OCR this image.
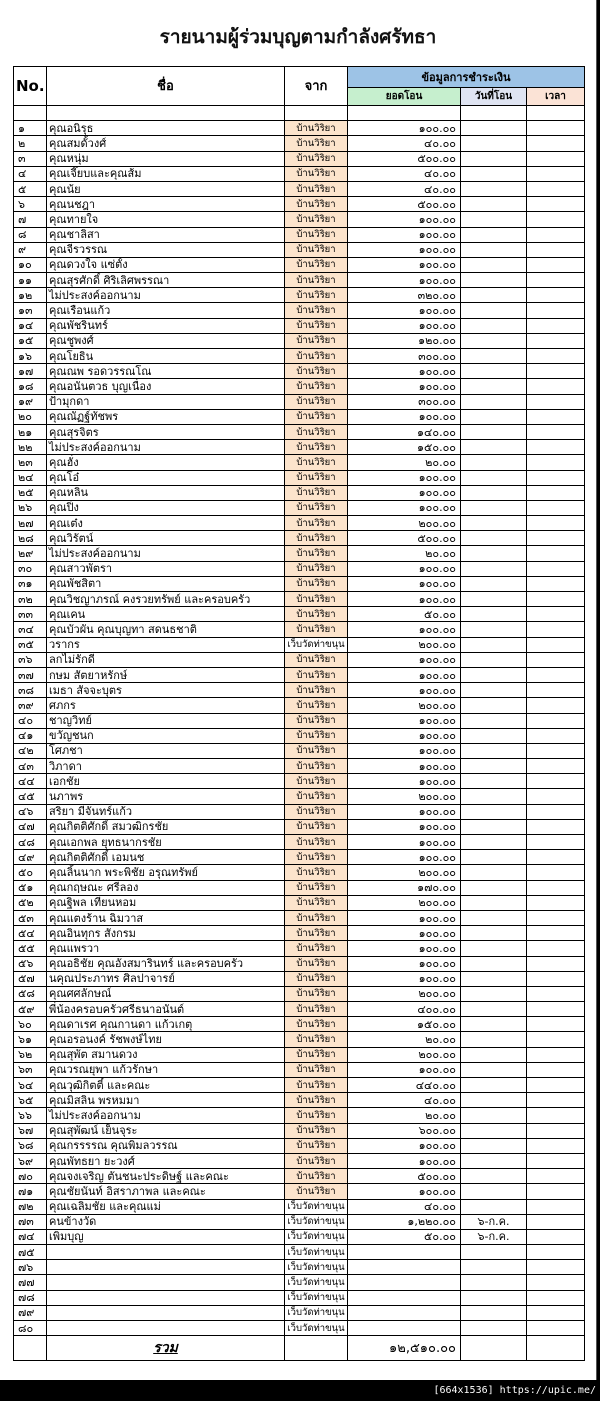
รายนามผู้ร่วมบุญตามกำลังศรัทธา
No.	ชื่อ	จาก	ข้อมูลการชำระเงิน		
			ยอดโอน	วันที่โอน	เวลา

๑	คุณอนิรุธ	บ้านวิริยา	๑๐๐.๐๐		
๒	คุณสมดั้วงศ์	บ้านวิริยา	๔๐.๐๐		
๓	คุณหนุ่ม	บ้านวิริยา	๕๐๐.๐๐		
๔	คุณเจี๊ยบและคุณส้ม	บ้านวิริยา	๔๐.๐๐		
๕	คุณน้ย	บ้านวิริยา	๔๐.๐๐		
๖	คุณนชฎา	บ้านวิริยา	๕๐๐.๐๐		
๗	คุณทายใจ	บ้านวิริยา	๑๐๐.๐๐		
๘	คุณชาลิสา	บ้านวิริยา	๑๐๐.๐๐		
๙	คุณจีรวรรณ	บ้านวิริยา	๑๐๐.๐๐		
๑๐	คุณดวงใจ แซ่ตั้ง	บ้านวิริยา	๑๐๐.๐๐		
๑๑	คุณสุรศักดิ์ ศิริเลิศพรรณา	บ้านวิริยา	๑๐๐.๐๐		
๑๒	ไม่ประสงค์ออกนาม	บ้านวิริยา	๓๒๐.๐๐		
๑๓	คุณเรือนแก้ว	บ้านวิริยา	๑๐๐.๐๐		
๑๔	คุณพัชรินทร์	บ้านวิริยา	๑๐๐.๐๐		
๑๕	คุณชูพงศ์	บ้านวิริยา	๑๒๐.๐๐		
๑๖	คุณโยธิน	บ้านวิริยา	๓๐๐.๐๐		
๑๗	คุณณพ รอดวรรณโณ	บ้านวิริยา	๑๐๐.๐๐		
๑๘	คุณอนันตวธ บุญเนื่อง	บ้านวิริยา	๑๐๐.๐๐		
๑๙	ป้ามุกดา	บ้านวิริยา	๓๐๐.๐๐		
๒๐	คุณณัฏฐ์ทัชพร	บ้านวิริยา	๑๐๐.๐๐		
๒๑	คุณสุรจิตร	บ้านวิริยา	๑๔๐.๐๐		
๒๒	ไม่ประสงค์ออกนาม	บ้านวิริยา	๑๕๐.๐๐		
๒๓	คุณฮั่ง	บ้านวิริยา	๒๐.๐๐		
๒๔	คุณโอ๋	บ้านวิริยา	๑๐๐.๐๐		
๒๕	คุณหลิน	บ้านวิริยา	๑๐๐.๐๐		
๒๖	คุณปิ๋ง	บ้านวิริยา	๑๐๐.๐๐		
๒๗	คุณเต๋ง	บ้านวิริยา	๒๐๐.๐๐		
๒๘	คุณวิรัตน์	บ้านวิริยา	๕๐๐.๐๐		
๒๙	ไม่ประสงค์ออกนาม	บ้านวิริยา	๒๐.๐๐		
๓๐	คุณสาวพัตรา	บ้านวิริยา	๑๐๐.๐๐		
๓๑	คุณพัชสิตา	บ้านวิริยา	๑๐๐.๐๐		
๓๒	คุณวิชญาภรณ์ คงรวยทรัพย์ และครอบครัว	บ้านวิริยา	๑๐๐.๐๐		
๓๓	คุณเคน	บ้านวิริยา	๕๐.๐๐		
๓๔	คุณบัวผัน คุณบุญทา สดนธชาติ	บ้านวิริยา	๑๐๐.๐๐		
๓๕	วรากร	เว็บวัดท่าขนุน	๒๐๐.๐๐		
๓๖	ลกไม่รักดี	บ้านวิริยา	๑๐๐.๐๐		
๓๗	กษม สัตยาหรักษ์	บ้านวิริยา	๑๐๐.๐๐		
๓๘	เมธา สัจจะบุตร	บ้านวิริยา	๑๐๐.๐๐		
๓๙	ศภกร	บ้านวิริยา	๒๐๐.๐๐		
๔๐	ชาญวิทย์	บ้านวิริยา	๑๐๐.๐๐		
๔๑	ขวัญชนก	บ้านวิริยา	๑๐๐.๐๐		
๔๒	โศภชา	บ้านวิริยา	๑๐๐.๐๐		
๔๓	วิภาดา	บ้านวิริยา	๑๐๐.๐๐		
๔๔	เอกชัย	บ้านวิริยา	๑๐๐.๐๐		
๔๕	นภาพร	บ้านวิริยา	๒๐๐.๐๐		
๔๖	สริยา มีจันทร์แก้ว	บ้านวิริยา	๑๐๐.๐๐		
๔๗	คุณกิตติศักดิ์ สมวฒิกรชัย	บ้านวิริยา	๑๐๐.๐๐		
๔๘	คุณเอกพล ยุทธนากรชัย	บ้านวิริยา	๑๐๐.๐๐		
๔๙	คุณกิตติศักดิ์ เอมนช	บ้านวิริยา	๑๐๐.๐๐		
๕๐	คุณลิ้นนาก พระพิชัย อรุณทรัพย์	บ้านวิริยา	๒๐๐.๐๐		
๕๑	คุณกฤษณะ ศรีลอง	บ้านวิริยา	๑๗๐.๐๐		
๕๒	คุณฐิพล เทียนหอม	บ้านวิริยา	๒๐๐.๐๐		
๕๓	คุณแตงร้าน ฉิมวาส	บ้านวิริยา	๑๐๐.๐๐		
๕๔	คุณอินทุกร สังกรม	บ้านวิริยา	๑๐๐.๐๐		
๕๕	คุณแพรวา	บ้านวิริยา	๑๐๐.๐๐		
๕๖	คุณอธิชัย คุณอังสมารินทร์ และครอบครัว	บ้านวิริยา	๑๐๐.๐๐		
๕๗	นคุณประภาทร ศิลปาจารย์	บ้านวิริยา	๑๐๐.๐๐		
๕๘	คุณศศลักษณ์	บ้านวิริยา	๒๐๐.๐๐		
๕๙	พี่น้องครอบครัวศรีธนาอนันต์	บ้านวิริยา	๔๐๐.๐๐		
๖๐	คุณดาเรศ คุณกานดา แก้วเกตุ	บ้านวิริยา	๑๕๐.๐๐		
๖๑	คุณอรอนงค์ รัชพงษ์ไทย	บ้านวิริยา	๒๐.๐๐		
๖๒	คุณสุพัต สมานดวง	บ้านวิริยา	๒๐๐.๐๐		
๖๓	คุณวรณยุพา แก้วรักษา	บ้านวิริยา	๑๐๐.๐๐		
๖๔	คุณวุฒิกิตติ์ และคณะ	บ้านวิริยา	๔๔๐.๐๐		
๖๕	คุณมิสลิน พรหมมา	บ้านวิริยา	๔๐.๐๐		
๖๖	ไม่ประสงค์ออกนาม	บ้านวิริยา	๒๐.๐๐		
๖๗	คุณสุพัฒน์ เย็นจุระ	บ้านวิริยา	๖๐๐.๐๐		
๖๘	คุณกรรรรณ คุณพิมลวรรณ	บ้านวิริยา	๑๐๐.๐๐		
๖๙	คุณพัทธยา ยะวงศ์	บ้านวิริยา	๑๐๐.๐๐		
๗๐	คุณจงเจริญ ตันชนะประดิษฐ์ และคณะ	บ้านวิริยา	๕๐๐.๐๐		
๗๑	คุณชัยนันท์ อิสราภาพล และคณะ	บ้านวิริยา	๑๐๐.๐๐		
๗๒	คุณเฉลิมชัย และคุณแม่	เว็บวัดท่าขนุน	๔๐.๐๐		
๗๓	คนข้างวัด	เว็บวัดท่าขนุน	๑,๒๒๐.๐๐	๖-ก.ค.	
๗๔	เพิ่มบุญ	เว็บวัดท่าขนุน	๕๐.๐๐	๖-ก.ค.	
๗๕		เว็บวัดท่าขนุน			
๗๖		เว็บวัดท่าขนุน			
๗๗		เว็บวัดท่าขนุน			
๗๘		เว็บวัดท่าขนุน			
๗๙		เว็บวัดท่าขนุน			
๘๐		เว็บวัดท่าขนุน			
	รวม		๑๒,๕๑๐.๐๐		
[664x1536] https://upic.me/
